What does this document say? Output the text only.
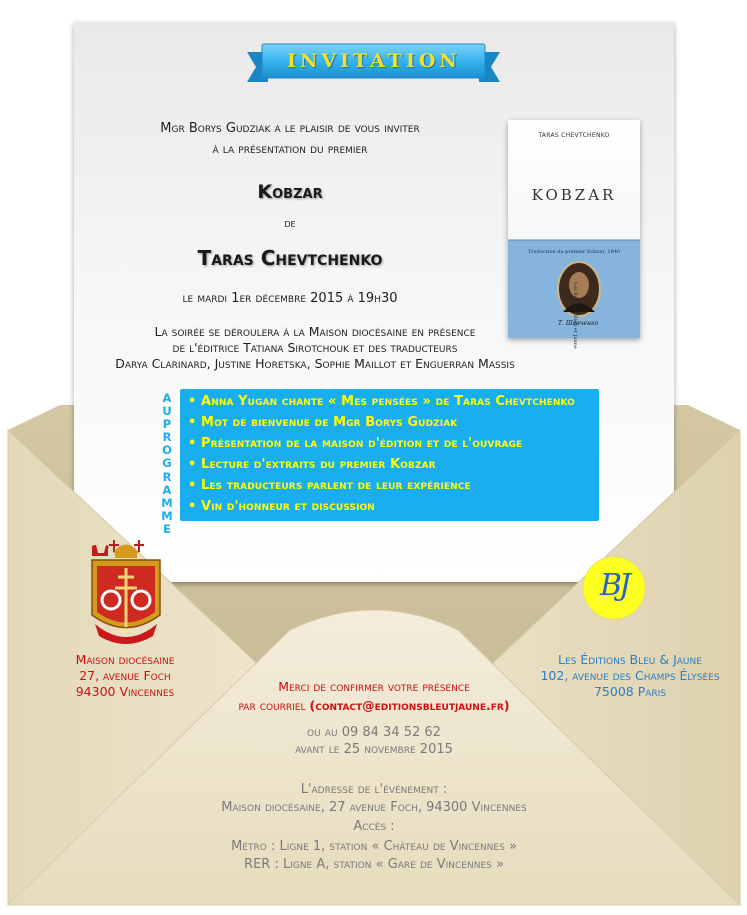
INVITATION
Mgr Borys Gudziak a le plaisir de vous inviter
à la présentation du premier
Kobzar
de
Taras Chevtchenko
le mardi 1er décembre 2015 à 19h30
La soirée se déroulera à la Maison diocésaine en présence
de l'éditrice Tatiana Sirotchouk et des traducteurs
Darya Clarinard, Justine Horetska, Sophie Maillot et Enguerran Massis
TARAS CHEVTCHENKO
KOBZAR
Traduction du premier Kobzar, 1840
Les Éditions Bleu et Jaune
Т. Шевченко
A
U
P
R
O
G
R
A
M
M
E
• Anna Yugan chante « Mes pensées » de Taras Chevtchenko
• Mot de bienvenue de Mgr Borys Gudziak
• Présentation de la maison d'édition et de l'ouvrage
• Lecture d'extraits du premier Kobzar
• Les traducteurs parlent de leur expérience
• Vin d'honneur et discussion
екзархату
Maison diocésaine
27, avenue Foch
94300 Vincennes
BJ
Les Éditions Bleu & Jaune
102, avenue des Champs Élysées
75008 Paris
Merci de confirmer votre présence
par courriel (contact@editionsbleutjaune.fr)
ou au 09 84 34 52 62
avant le 25 novembre 2015
L'adresse de l'événement :
Maison diocésaine, 27 avenue Foch, 94300 Vincennes
Accès :
Métro : Ligne 1, station « Château de Vincennes »
RER : Ligne A, station « Gare de Vincennes »
